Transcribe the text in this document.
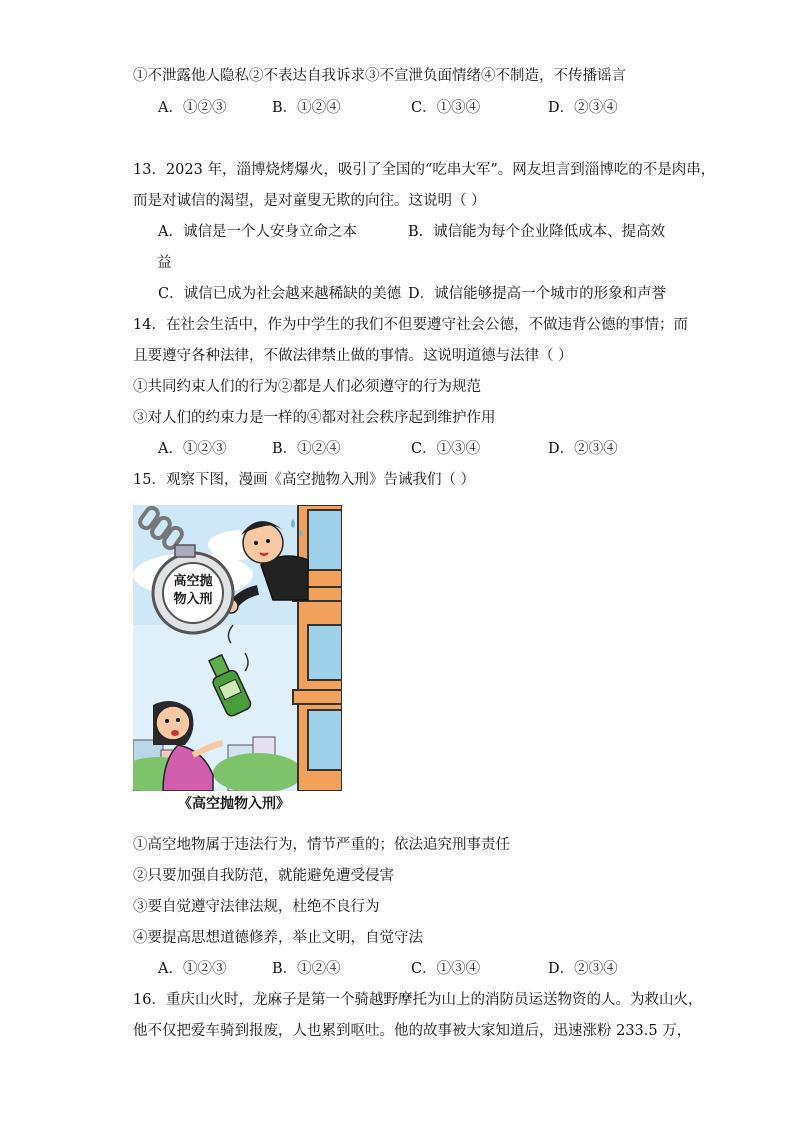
①不泄露他人隐私②不表达自我诉求③不宣泄负面情绪④不制造，不传播谣言
A．①②③	B．①②④	C．①③④	D．②③④
13．2023 年，淄博烧烤爆火，吸引了全国的“吃串大军”。网友坦言到淄博吃的不是肉串，
而是对诚信的渴望，是对童叟无欺的向往。这说明（ ）
A．诚信是一个人安身立命之本	B．诚信能为每个企业降低成本、提高效
益
C．诚信已成为社会越来越稀缺的美德 D．诚信能够提高一个城市的形象和声誉
14．在社会生活中，作为中学生的我们不但要遵守社会公德，不做违背公德的事情；而
且要遵守各种法律，不做法律禁止做的事情。这说明道德与法律（ ）
①共同约束人们的行为②都是人们必须遵守的行为规范
③对人们的约束力是一样的④都对社会秩序起到维护作用
A．①②③	B．①②④	C．①③④	D．②③④
15．观察下图，漫画《高空抛物入刑》告诫我们（ ）
高空抛
物入刑
《高空抛物入刑》
①高空地物属于违法行为，情节严重的；依法追究刑事责任
②只要加强自我防范，就能避免遭受侵害
③要自觉遵守法律法规，杜绝不良行为
④要提高思想道德修养，举止文明，自觉守法
A．①②③	B．①②④	C．①③④	D．②③④
16．重庆山火时，龙麻子是第一个骑越野摩托为山上的消防员运送物资的人。为救山火，
他不仅把爱车骑到报废，人也累到呕吐。他的故事被大家知道后，迅速涨粉 233.5 万，
